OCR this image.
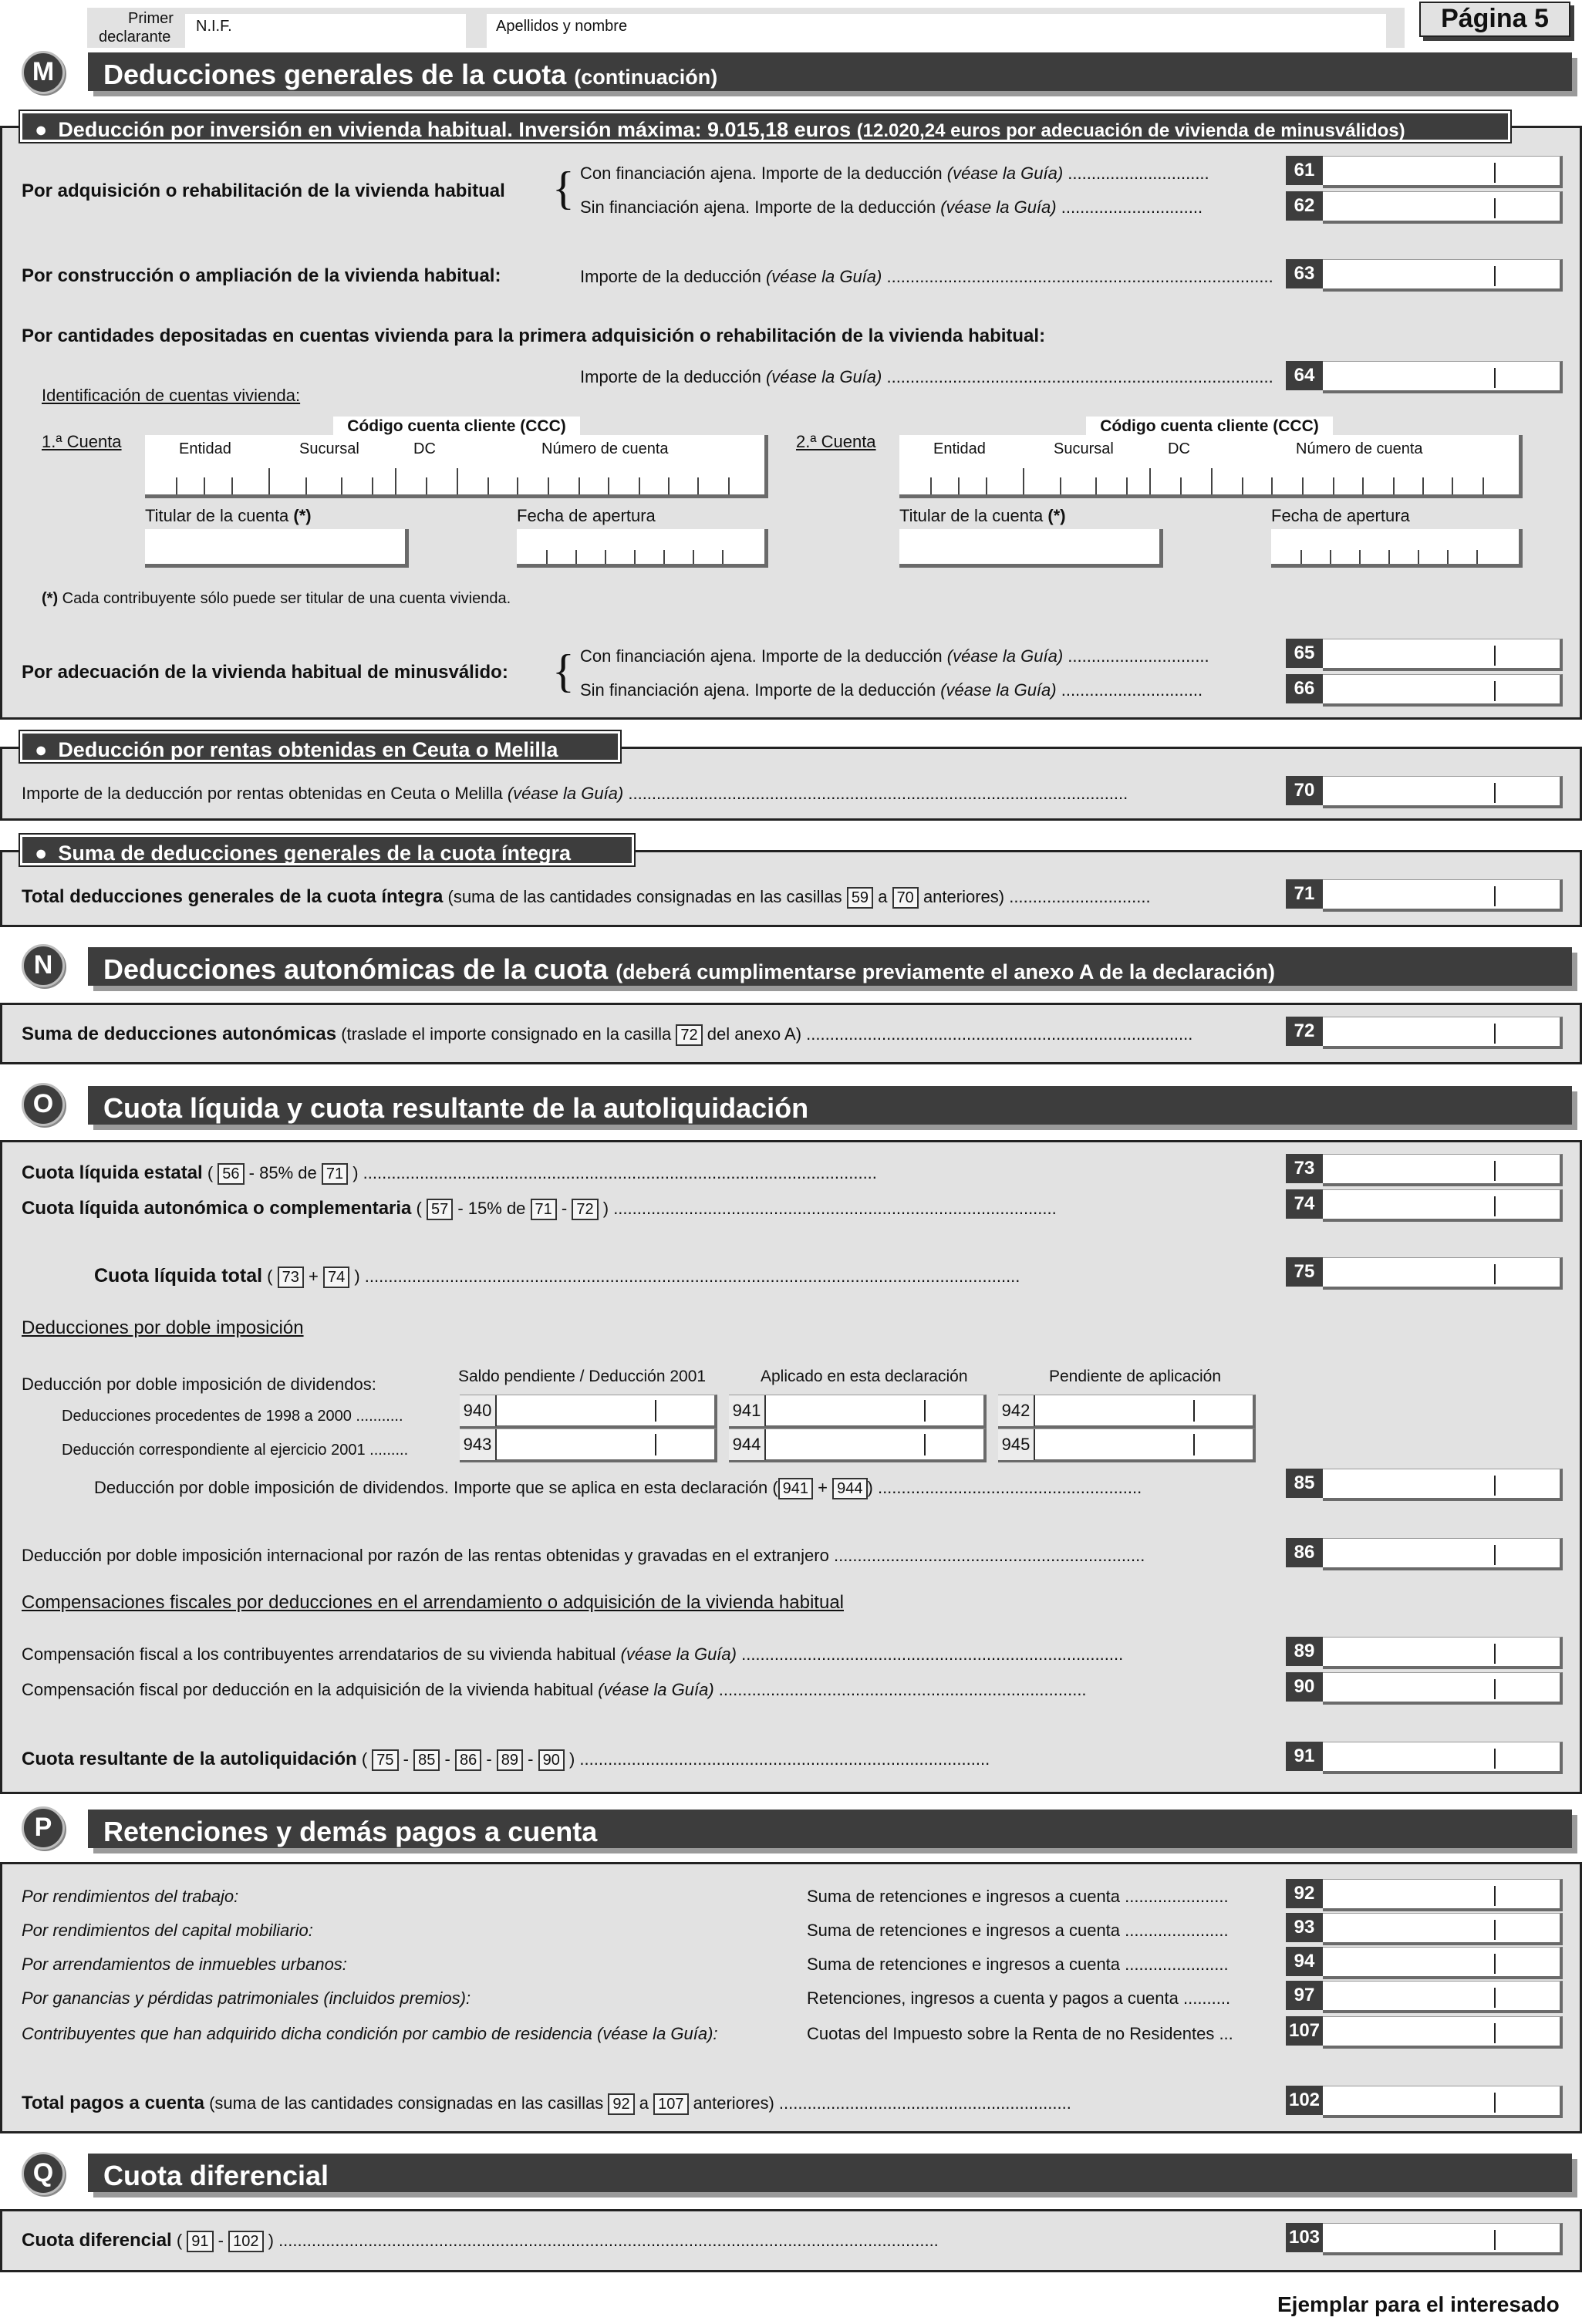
Primer
declarante
N.I.F.	Apellidos y nombre	Página 5
M	Deducciones generales de la cuota (continuación)
● Deducción por inversión en vivienda habitual. Inversión máxima: 9.015,18 euros (12.020,24 euros por adecuación de vivienda de minusválidos)
Por adquisición o rehabilitación de la vivienda habitual { Con financiación ajena. Importe de la deducción (véase la Guía) ..............................
Sin financiación ajena. Importe de la deducción (véase la Guía) ..............................
61
62
Por construcción o ampliación de la vivienda habitual:	Importe de la deducción (véase la Guía) ..................................................................................	63
Por cantidades depositadas en cuentas vivienda para la primera adquisición o rehabilitación de la vivienda habitual:
Importe de la deducción (véase la Guía) ..................................................................................	64
Identificación de cuentas vivienda:
1.ª Cuenta
Código cuenta cliente (CCC)
Entidad	Sucursal	DC	Número de cuenta
Titular de la cuenta (*)	Fecha de apertura
2.ª Cuenta
Código cuenta cliente (CCC)
Entidad	Sucursal	DC	Número de cuenta
Titular de la cuenta (*)	Fecha de apertura
(*) Cada contribuyente sólo puede ser titular de una cuenta vivienda.
Por adecuación de la vivienda habitual de minusválido: { Con financiación ajena. Importe de la deducción (véase la Guía) ..............................
Sin financiación ajena. Importe de la deducción (véase la Guía) ..............................
65
66
● Deducción por rentas obtenidas en Ceuta o Melilla
Importe de la deducción por rentas obtenidas en Ceuta o Melilla (véase la Guía) ..........................................................................................................	70
● Suma de deducciones generales de la cuota íntegra
Total deducciones generales de la cuota íntegra (suma de las cantidades consignadas en las casillas 59 a 70 anteriores) ..............................	71
N	Deducciones autonómicas de la cuota (deberá cumplimentarse previamente el anexo A de la declaración)
Suma de deducciones autonómicas (traslade el importe consignado en la casilla 72 del anexo A) ..................................................................................	72
O	Cuota líquida y cuota resultante de la autoliquidación
Cuota líquida estatal ( 56 - 85% de 71 ) .............................................................................................................	73
Cuota líquida autonómica o complementaria ( 57 - 15% de 71 - 72 ) ..............................................................................................	74
Cuota líquida total ( 73 + 74 ) ...........................................................................................................................................	75
Deducciones por doble imposición
Deducción por doble imposición de dividendos:	Saldo pendiente / Deducción 2001	Aplicado en esta declaración	Pendiente de aplicación
Deducciones procedentes de 1998 a 2000 ...........
Deducción correspondiente al ejercicio 2001 .........
940	941	942
943	944	945
Deducción por doble imposición de dividendos. Importe que se aplica en esta declaración ( 941 + 944 ) ........................................................	85
Deducción por doble imposición internacional por razón de las rentas obtenidas y gravadas en el extranjero ..................................................................	86
Compensaciones fiscales por deducciones en el arrendamiento o adquisición de la vivienda habitual
Compensación fiscal a los contribuyentes arrendatarios de su vivienda habitual (véase la Guía) .................................................................................	89
Compensación fiscal por deducción en la adquisición de la vivienda habitual (véase la Guía) ..............................................................................	90
Cuota resultante de la autoliquidación ( 75 - 85 - 86 - 89 - 90 ) .......................................................................................	91
P	Retenciones y demás pagos a cuenta
Por rendimientos del trabajo:	Suma de retenciones e ingresos a cuenta ......................	92
Por rendimientos del capital mobiliario:	Suma de retenciones e ingresos a cuenta ......................	93
Por arrendamientos de inmuebles urbanos:	Suma de retenciones e ingresos a cuenta ......................	94
Por ganancias y pérdidas patrimoniales (incluidos premios):	Retenciones, ingresos a cuenta y pagos a cuenta ..........	97
Contribuyentes que han adquirido dicha condición por cambio de residencia (véase la Guía):	Cuotas del Impuesto sobre la Renta de no Residentes ...	107
Total pagos a cuenta (suma de las cantidades consignadas en las casillas 92 a 107 anteriores) ..............................................................	102
Q	Cuota diferencial
Cuota diferencial ( 91 - 102 ) ............................................................................................................................................	103
Ejemplar para el interesado
